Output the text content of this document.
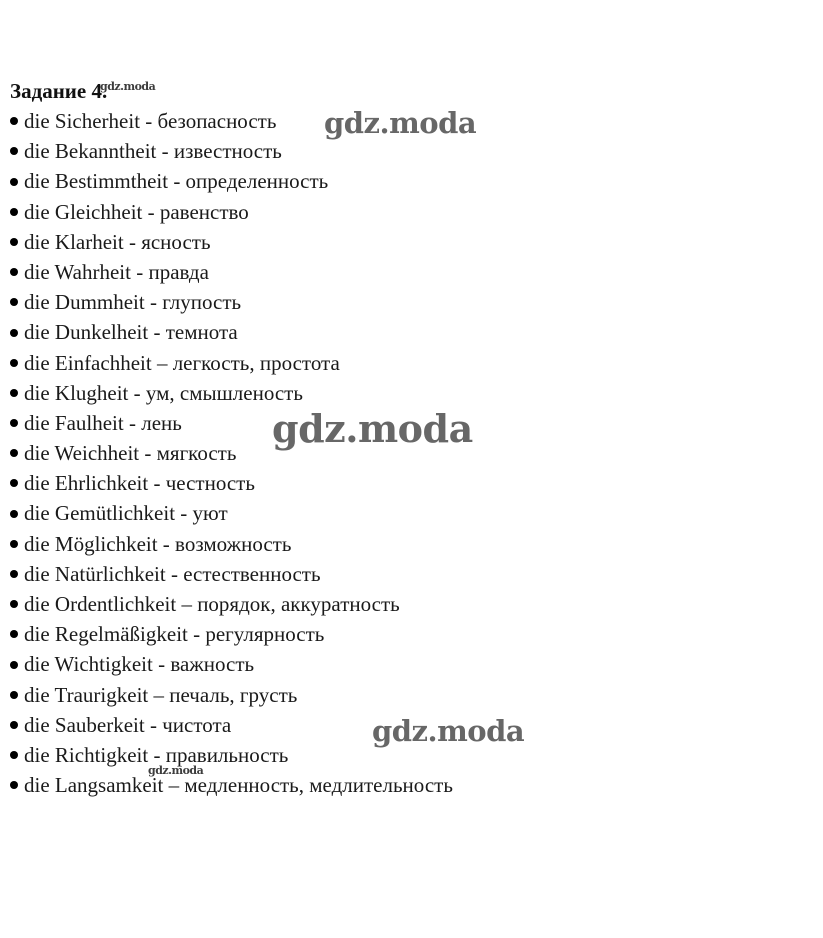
Задание 4.
die Sicherheit - безопасность
die Bekanntheit - известность
die Bestimmtheit - определенность
die Gleichheit - равенство
die Klarheit - ясность
die Wahrheit - правда
die Dummheit - глупость
die Dunkelheit - темнота
die Einfachheit – легкость, простота
die Klugheit - ум, смышленость
die Faulheit - лень
die Weichheit - мягкость
die Ehrlichkeit - честность
die Gemütlichkeit - уют
die Möglichkeit - возможность
die Natürlichkeit - естественность
die Ordentlichkeit – порядок, аккуратность
die Regelmäßigkeit - регулярность
die Wichtigkeit - важность
die Traurigkeit – печаль, грусть
die Sauberkeit - чистота
die Richtigkeit - правильность
die Langsamkeit – медленность, медлительность
gdz.moda
gdz.moda
gdz.moda
gdz.moda
gdz.moda
